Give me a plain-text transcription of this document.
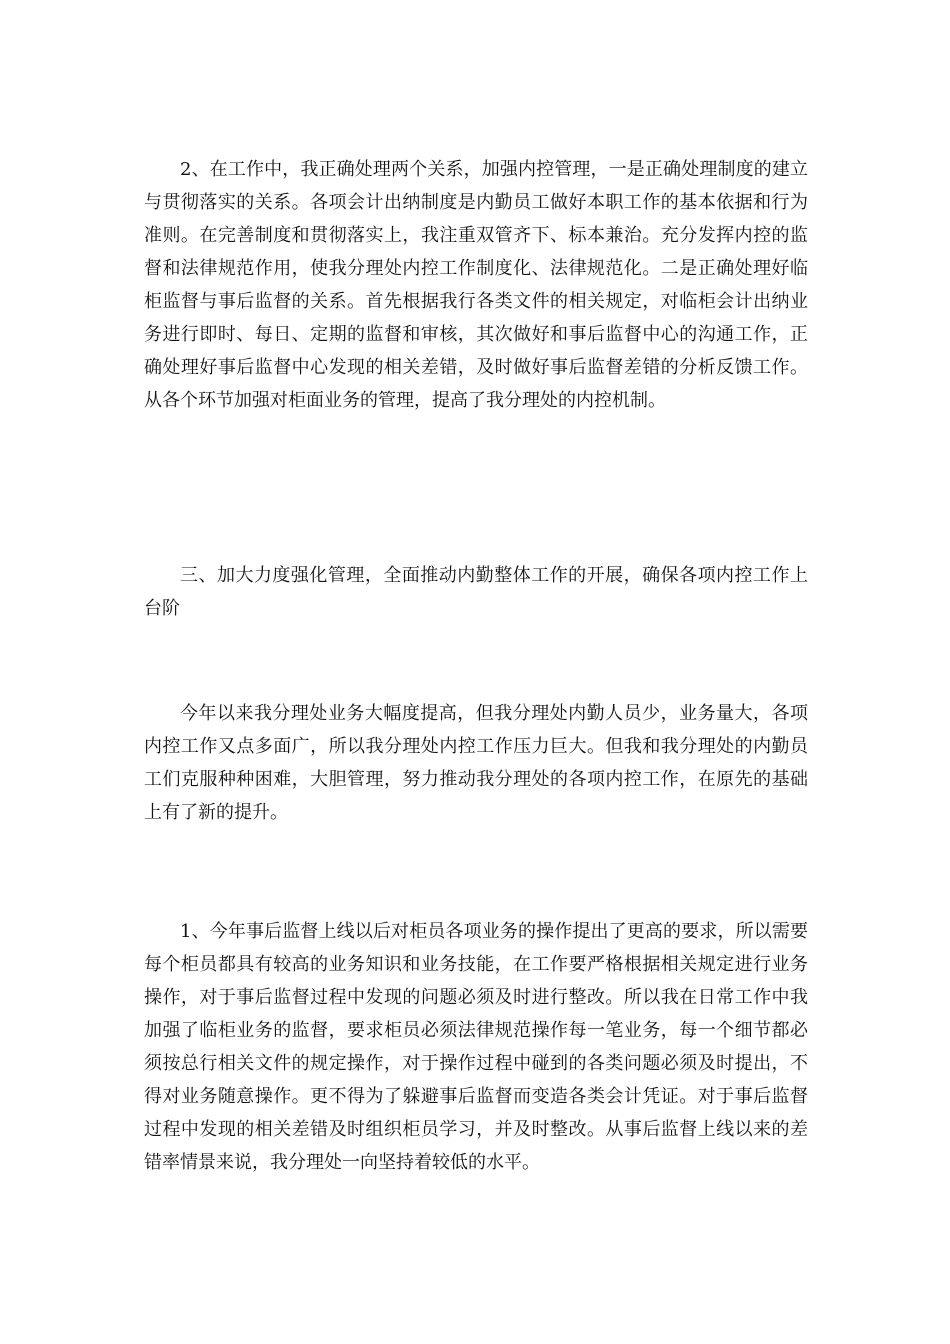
2、在工作中，我正确处理两个关系，加强内控管理，一是正确处理制度的建立与贯彻落实的关系。各项会计出纳制度是内勤员工做好本职工作的基本依据和行为准则。在完善制度和贯彻落实上，我注重双管齐下、标本兼治。充分发挥内控的监督和法律规范作用，使我分理处内控工作制度化、法律规范化。二是正确处理好临柜监督与事后监督的关系。首先根据我行各类文件的相关规定，对临柜会计出纳业务进行即时、每日、定期的监督和审核，其次做好和事后监督中心的沟通工作，正确处理好事后监督中心发现的相关差错，及时做好事后监督差错的分析反馈工作。从各个环节加强对柜面业务的管理，提高了我分理处的内控机制。

三、加大力度强化管理，全面推动内勤整体工作的开展，确保各项内控工作上台阶

今年以来我分理处业务大幅度提高，但我分理处内勤人员少，业务量大，各项内控工作又点多面广，所以我分理处内控工作压力巨大。但我和我分理处的内勤员工们克服种种困难，大胆管理，努力推动我分理处的各项内控工作，在原先的基础上有了新的提升。

1、今年事后监督上线以后对柜员各项业务的操作提出了更高的要求，所以需要每个柜员都具有较高的业务知识和业务技能，在工作要严格根据相关规定进行业务操作，对于事后监督过程中发现的问题必须及时进行整改。所以我在日常工作中我加强了临柜业务的监督，要求柜员必须法律规范操作每一笔业务，每一个细节都必须按总行相关文件的规定操作，对于操作过程中碰到的各类问题必须及时提出，不得对业务随意操作。更不得为了躲避事后监督而变造各类会计凭证。对于事后监督过程中发现的相关差错及时组织柜员学习，并及时整改。从事后监督上线以来的差错率情景来说，我分理处一向坚持着较低的水平。
